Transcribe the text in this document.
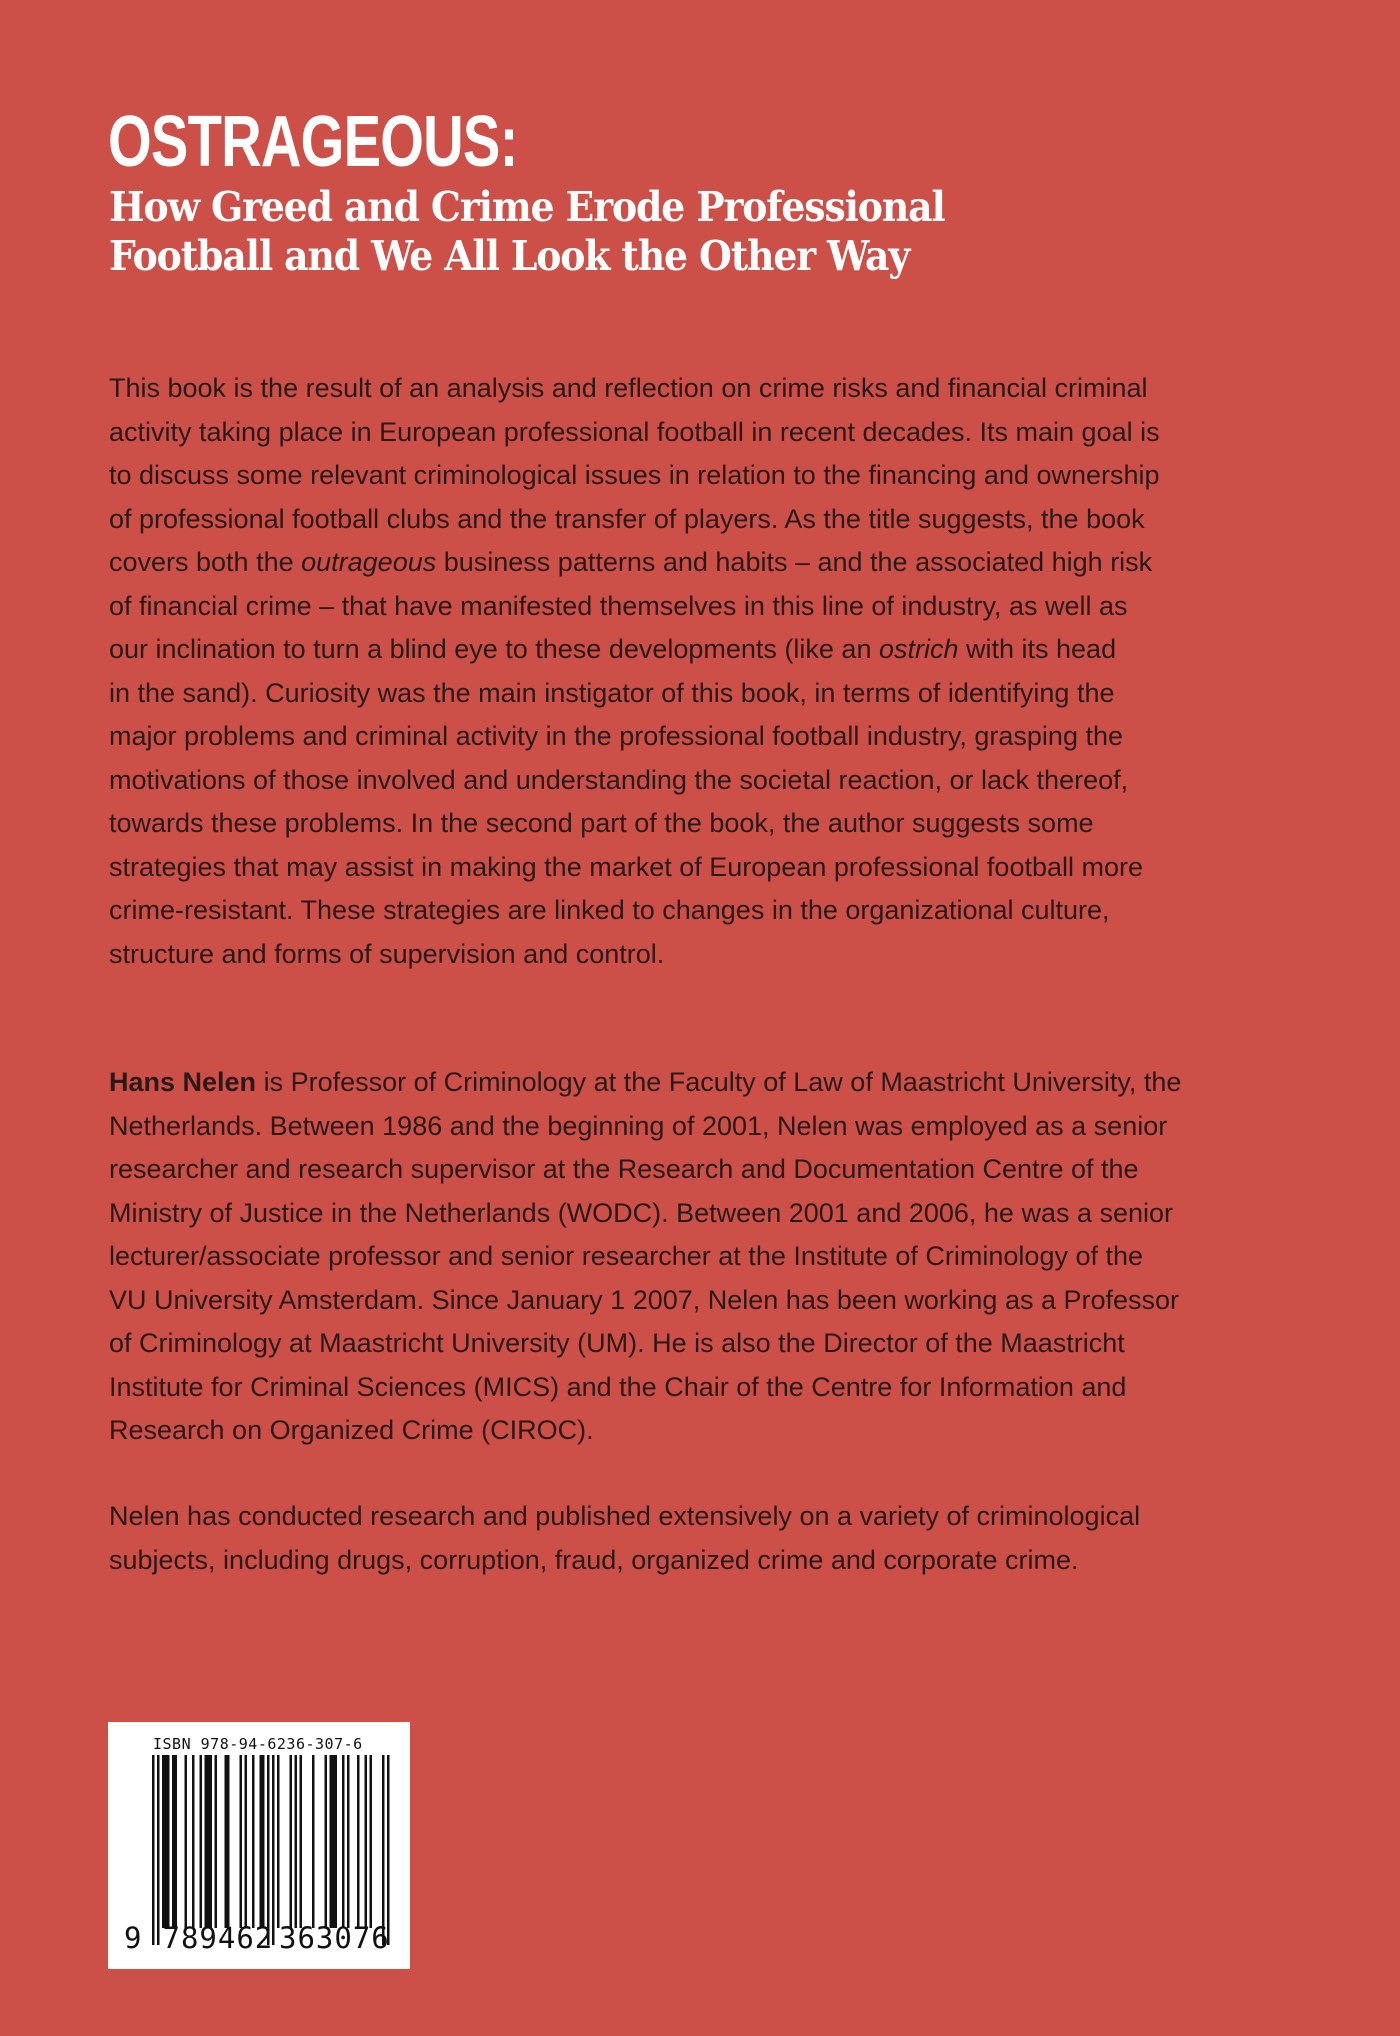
OSTRAGEOUS:
How Greed and Crime Erode Professional
Football and We All Look the Other Way
This book is the result of an analysis and reflection on crime risks and financial criminal
activity taking place in European professional football in recent decades. Its main goal is
to discuss some relevant criminological issues in relation to the financing and ownership
of professional football clubs and the transfer of players. As the title suggests, the book
covers both the outrageous business patterns and habits – and the associated high risk
of financial crime – that have manifested themselves in this line of industry, as well as
our inclination to turn a blind eye to these developments (like an ostrich with its head
in the sand). Curiosity was the main instigator of this book, in terms of identifying the
major problems and criminal activity in the professional football industry, grasping the
motivations of those involved and understanding the societal reaction, or lack thereof,
towards these problems. In the second part of the book, the author suggests some
strategies that may assist in making the market of European professional football more
crime-resistant. These strategies are linked to changes in the organizational culture,
structure and forms of supervision and control.
Hans Nelen is Professor of Criminology at the Faculty of Law of Maastricht University, the
Netherlands. Between 1986 and the beginning of 2001, Nelen was employed as a senior
researcher and research supervisor at the Research and Documentation Centre of the
Ministry of Justice in the Netherlands (WODC). Between 2001 and 2006, he was a senior
lecturer/associate professor and senior researcher at the Institute of Criminology of the
VU University Amsterdam. Since January 1 2007, Nelen has been working as a Professor
of Criminology at Maastricht University (UM). He is also the Director of the Maastricht
Institute for Criminal Sciences (MICS) and the Chair of the Centre for Information and
Research on Organized Crime (CIROC).
Nelen has conducted research and published extensively on a variety of criminological
subjects, including drugs, corruption, fraud, organized crime and corporate crime.
ISBN 978-94-6236-307-6
9 789462 363076
